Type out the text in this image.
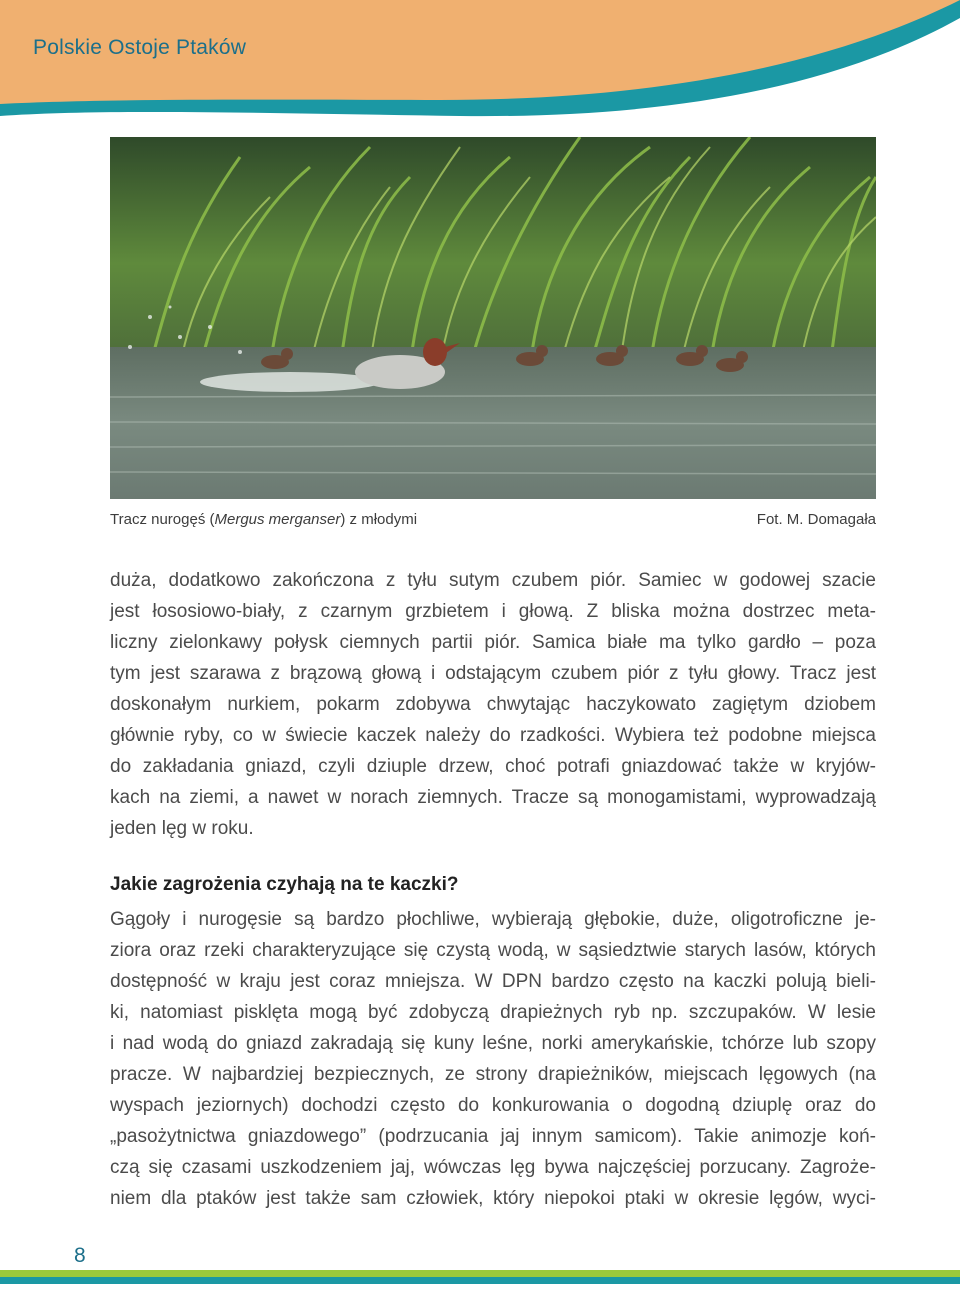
Polskie Ostoje Ptaków
Tracz nurogęś (Mergus merganser) z młodymi	Fot. M. Domagała
duża, dodatkowo zakończona z tyłu sutym czubem piór. Samiec w godowej szacie
jest łososiowo-biały, z czarnym grzbietem i głową. Z bliska można dostrzec meta-
liczny zielonkawy połysk ciemnych partii piór. Samica białe ma tylko gardło – poza
tym jest szarawa z brązową głową i odstającym czubem piór z tyłu głowy. Tracz jest
doskonałym nurkiem, pokarm zdobywa chwytając haczykowato zagiętym dziobem
głównie ryby, co w świecie kaczek należy do rzadkości. Wybiera też podobne miejsca
do zakładania gniazd, czyli dziuple drzew, choć potrafi gniazdować także w kryjów-
kach na ziemi, a nawet w norach ziemnych. Tracze są monogamistami, wyprowadzają
jeden lęg w roku.
Jakie zagrożenia czyhają na te kaczki?
Gągoły i nurogęsie są bardzo płochliwe, wybierają głębokie, duże, oligotroficzne je-
ziora oraz rzeki charakteryzujące się czystą wodą, w sąsiedztwie starych lasów, których
dostępność w kraju jest coraz mniejsza. W DPN bardzo często na kaczki polują bieli-
ki, natomiast pisklęta mogą być zdobyczą drapieżnych ryb np. szczupaków. W lesie
i nad wodą do gniazd zakradają się kuny leśne, norki amerykańskie, tchórze lub szopy
pracze. W najbardziej bezpiecznych, ze strony drapieżników, miejscach lęgowych (na
wyspach jeziornych) dochodzi często do konkurowania o dogodną dziuplę oraz do
„pasożytnictwa gniazdowego” (podrzucania jaj innym samicom). Takie animozje koń-
czą się czasami uszkodzeniem jaj, wówczas lęg bywa najczęściej porzucany. Zagroże-
niem dla ptaków jest także sam człowiek, który niepokoi ptaki w okresie lęgów, wyci-
8
